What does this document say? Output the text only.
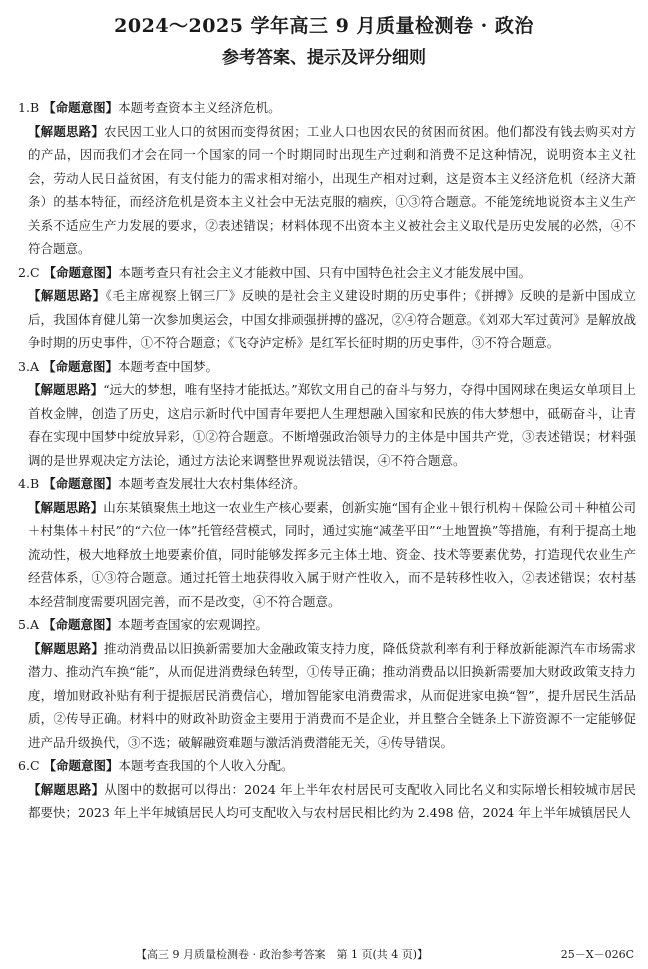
2024～2025 学年高三 9 月质量检测卷 · 政治
参考答案、提示及评分细则
1.B 【命题意图】本题考查资本主义经济危机。

【解题思路】农民因工业人口的贫困而变得贫困；工业人口也因农民的贫困而贫困。他们都没有钱去购买对方的产品，因而我们才会在同一个国家的同一个时期同时出现生产过剩和消费不足这种情况，说明资本主义社会，劳动人民日益贫困，有支付能力的需求相对缩小，出现生产相对过剩，这是资本主义经济危机（经济大萧条）的基本特征，而经济危机是资本主义社会中无法克服的痼疾，①③符合题意。不能笼统地说资本主义生产关系不适应生产力发展的要求，②表述错误；材料体现不出资本主义被社会主义取代是历史发展的必然，④不符合题意。

2.C 【命题意图】本题考查只有社会主义才能救中国、只有中国特色社会主义才能发展中国。

【解题思路】《毛主席视察上钢三厂》反映的是社会主义建设时期的历史事件；《拼搏》反映的是新中国成立后，我国体育健儿第一次参加奥运会，中国女排顽强拼搏的盛况，②④符合题意。《刘邓大军过黄河》是解放战争时期的历史事件，①不符合题意；《飞夺泸定桥》是红军长征时期的历史事件，③不符合题意。

3.A 【命题意图】本题考查中国梦。

【解题思路】“远大的梦想，唯有坚持才能抵达。”郑钦文用自己的奋斗与努力，夺得中国网球在奥运女单项目上首枚金牌，创造了历史，这启示新时代中国青年要把人生理想融入国家和民族的伟大梦想中，砥砺奋斗，让青春在实现中国梦中绽放异彩，①②符合题意。不断增强政治领导力的主体是中国共产党，③表述错误；材料强调的是世界观决定方法论，通过方法论来调整世界观说法错误，④不符合题意。

4.B 【命题意图】本题考查发展壮大农村集体经济。

【解题思路】山东某镇聚焦土地这一农业生产核心要素，创新实施“国有企业＋银行机构＋保险公司＋种植公司＋村集体＋村民”的“六位一体”托管经营模式，同时，通过实施“减垄平田”“土地置换”等措施，有利于提高土地流动性，极大地释放土地要素价值，同时能够发挥多元主体土地、资金、技术等要素优势，打造现代农业生产经营体系，①③符合题意。通过托管土地获得收入属于财产性收入，而不是转移性收入，②表述错误；农村基本经营制度需要巩固完善，而不是改变，④不符合题意。

5.A 【命题意图】本题考查国家的宏观调控。

【解题思路】推动消费品以旧换新需要加大金融政策支持力度，降低贷款利率有利于释放新能源汽车市场需求潜力、推动汽车换“能”，从而促进消费绿色转型，①传导正确；推动消费品以旧换新需要加大财政政策支持力度，增加财政补贴有利于提振居民消费信心，增加智能家电消费需求，从而促进家电换“智”，提升居民生活品质，②传导正确。材料中的财政补助资金主要用于消费而不是企业，并且整合全链条上下游资源不一定能够促进产品升级换代，③不选；破解融资难题与激活消费潜能无关，④传导错误。

6.C 【命题意图】本题考查我国的个人收入分配。

【解题思路】从图中的数据可以得出：2024 年上半年农村居民可支配收入同比名义和实际增长相较城市居民都要快；2023 年上半年城镇居民人均可支配收入与农村居民相比约为 2.498 倍，2024 年上半年城镇居民人

【高三 9 月质量检测卷 · 政治参考答案　第 1 页(共 4 页)】	25－X－026C
